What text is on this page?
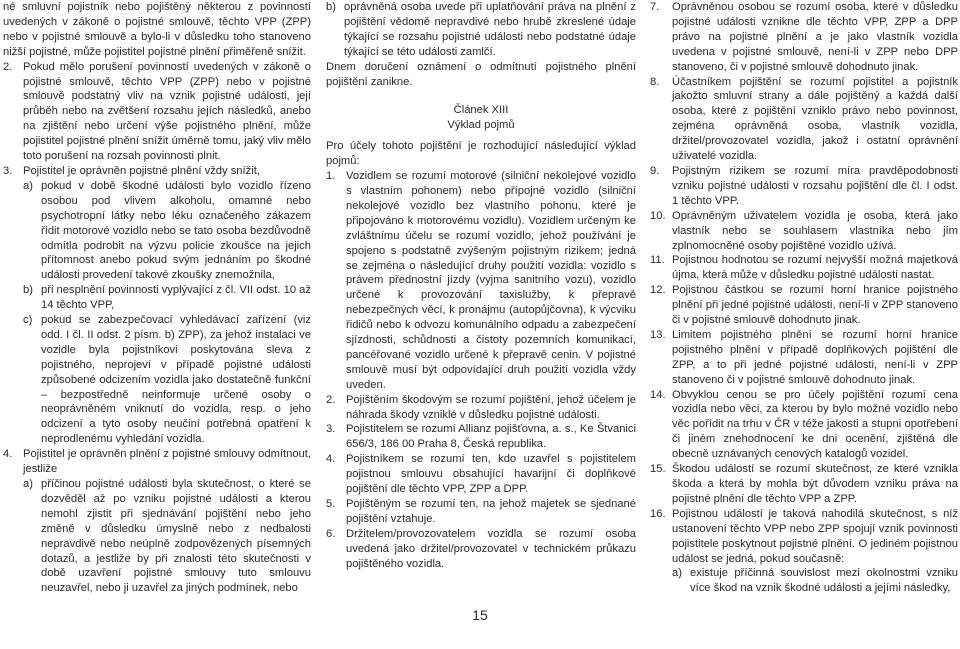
né smluvní pojistník nebo pojištěný některou z povinností uvedených v zákoně o pojistné smlouvě, těchto VPP (ZPP) nebo v pojistné smlouvě a bylo-li v důsledku toho stanoveno nižší pojistné, může pojistitel pojistné plnění přiměřeně snížit.

2. Pokud mělo porušení povinností uvedených v zákoně o pojistné smlouvě, těchto VPP (ZPP) nebo v pojistné smlouvě podstatný vliv na vznik pojistné události, její průběh nebo na zvětšení rozsahu jejích následků, anebo na zjištění nebo určení výše pojistného plnění, může pojistitel pojistné plnění snížit úměrně tomu, jaký vliv mělo toto porušení na rozsah povinnosti plnit.
3. Pojistitel je oprávněn pojistné plnění vždy snížit,
a) pokud v době škodné události bylo vozidlo řízeno osobou pod vlivem alkoholu, omamné nebo psychotropní látky nebo léku označeného zákazem řídit motorové vozidlo nebo se tato osoba bezdůvodně odmítla podrobit na výzvu policie zkoušce na jejich přítomnost anebo pokud svým jednáním po škodné události provedení takové zkoušky znemožnila,
b) při nesplnění povinnosti vyplývající z čl. VII odst. 10 až 14 těchto VPP,
c) pokud se zabezpečovací vyhledávací zařízení (viz odd. I čl. II odst. 2 písm. b) ZPP), za jehož instalaci ve vozidle byla pojistníkovi poskytována sleva z pojistného, neprojeví v případě pojistné události způsobené odcizením vozidla jako dostatečně funkční – bezpostředně neinformuje určené osoby o neoprávněném vniknutí do vozidla, resp. o jeho odcizení a tyto osoby neučiní potřebná opatření k neprodlenému vyhledání vozidla.
4. Pojistitel je oprávněn plnění z pojistné smlouvy odmítnout, jestliže
a) příčinou pojistné události byla skutečnost, o které se dozvěděl až po vzniku pojistné události a kterou nemohl zjistit při sjednávání pojištění nebo jeho změně v důsledku úmyslně nebo z nedbalosti nepravdivě nebo neúplně zodpovězených písemných dotazů, a jestliže by při znalosti této skutečnosti v době uzavření pojistné smlouvy tuto smlouvu neuzavřel, nebo ji uzavřel za jiných podmínek, nebo
b) oprávněná osoba uvede při uplatňování práva na plnění z pojištění vědomě nepravdivé nebo hrubě zkreslené údaje týkající se rozsahu pojistné události nebo podstatné údaje týkající se této události zamlčí.

Dnem doručení oznámení o odmítnutí pojistného plnění pojištění zanikne.

Článek XIII
Výklad pojmů

Pro účely tohoto pojištění je rozhodující následující výklad pojmů:

1. Vozidlem se rozumí motorové (silniční nekolejové vozidlo s vlastním pohonem) nebo přípojné vozidlo (silniční nekolejové vozidlo bez vlastního pohonu, které je připojováno k motorovému vozidlu). Vozidlem určeným ke zvláštnímu účelu se rozumí vozidlo, jehož používání je spojeno s podstatně zvýšeným pojistným rizikem; jedná se zejména o následující druhy použití vozidla: vozidlo s právem přednostní jízdy (vyjma sanitního vozu), vozidlo určené k provozování taxislužby, k přepravě nebezpečných věcí, k pronájmu (autopůjčovna), k výcviku řidičů nebo k odvozu komunálního odpadu a zabezpečení sjízdnosti, schůdnosti a čistoty pozemních komunikací, pancéřované vozidlo určené k přepravě cenin. V pojistné smlouvě musí být odpovídající druh použití vozidla vždy uveden.
2. Pojištěním škodovým se rozumí pojištění, jehož účelem je náhrada škody vzniklé v důsledku pojistné události.
3. Pojistitelem se rozumí Allianz pojišťovna, a. s., Ke Štvanici 656/3, 186 00 Praha 8, Česká republika.
4. Pojistníkem se rozumí ten, kdo uzavřel s pojistitelem pojistnou smlouvu obsahující havarijní či doplňkové pojištění dle těchto VPP, ZPP a DPP.
5. Pojištěným se rozumí ten, na jehož majetek se sjednané pojištění vztahuje.
6. Držitelem/provozovatelem vozidla se rozumí osoba uvedená jako držitel/provozovatel v technickém průkazu pojištěného vozidla.
7.	Oprávněnou osobou se rozumí osoba, které v důsledku pojistné události vznikne dle těchto VPP, ZPP a DPP právo na pojistné plnění a je jako vlastník vozidla uvedena v pojistné smlouvě, není-li v ZPP nebo DPP stanoveno, či v pojistné smlouvě dohodnuto jinak.
8.	Účastníkem pojištění se rozumí pojistitel a pojistník jakožto smluvní strany a dále pojištěný a každá další osoba, které z pojištění vzniklo právo nebo povinnost, zejména oprávněná osoba, vlastník vozidla, držitel/provozovatel vozidla, jakož i ostatní oprávnění uživatelé vozidla.
9.	Pojistným rizikem se rozumí míra pravděpodobnosti vzniku pojistné události v rozsahu pojištění dle čl. I odst. 1 těchto VPP.
10. Oprávněným uživatelem vozidla je osoba, která jako vlastník nebo se souhlasem vlastníka nebo jím zplnomocněné osoby pojištěné vozidlo užívá.
11. Pojistnou hodnotou se rozumí nejvyšší možná majetková újma, která může v důsledku pojistné události nastat.
12. Pojistnou částkou se rozumí horní hranice pojistného plnění při jedné pojistné události, není-li v ZPP stanoveno či v pojistné smlouvě dohodnuto jinak.
13. Limitem pojistného plnění se rozumí horní hranice pojistného plnění v případě doplňkových pojištění dle ZPP, a to při jedné pojistné události, není-li v ZPP stanoveno či v pojistné smlouvě dohodnuto jinak.
14. Obvyklou cenou se pro účely pojištění rozumí cena vozidla nebo věci, za kterou by bylo možné vozidlo nebo věc pořídit na trhu v ČR v téže jakosti a stupni opotřebení či jiném znehodnocení ke dni ocenění, zjištěná dle obecně uznávaných cenových katalogů vozidel.
15. Škodou událostí se rozumí skutečnost, ze které vznikla škoda a která by mohla být důvodem vzniku práva na pojistné plnění dle těchto VPP a ZPP.
16. Pojistnou událostí je taková nahodilá skutečnost, s níž ustanovení těchto VPP nebo ZPP spojují vznik povinnosti pojistitele poskytnout pojistné plnění. O jediném pojistnou událost se jedná, pokud současně:
a) existuje příčinná souvislost mezi okolnostmi vzniku více škod na vznik škodné události a jejími následky,
15
